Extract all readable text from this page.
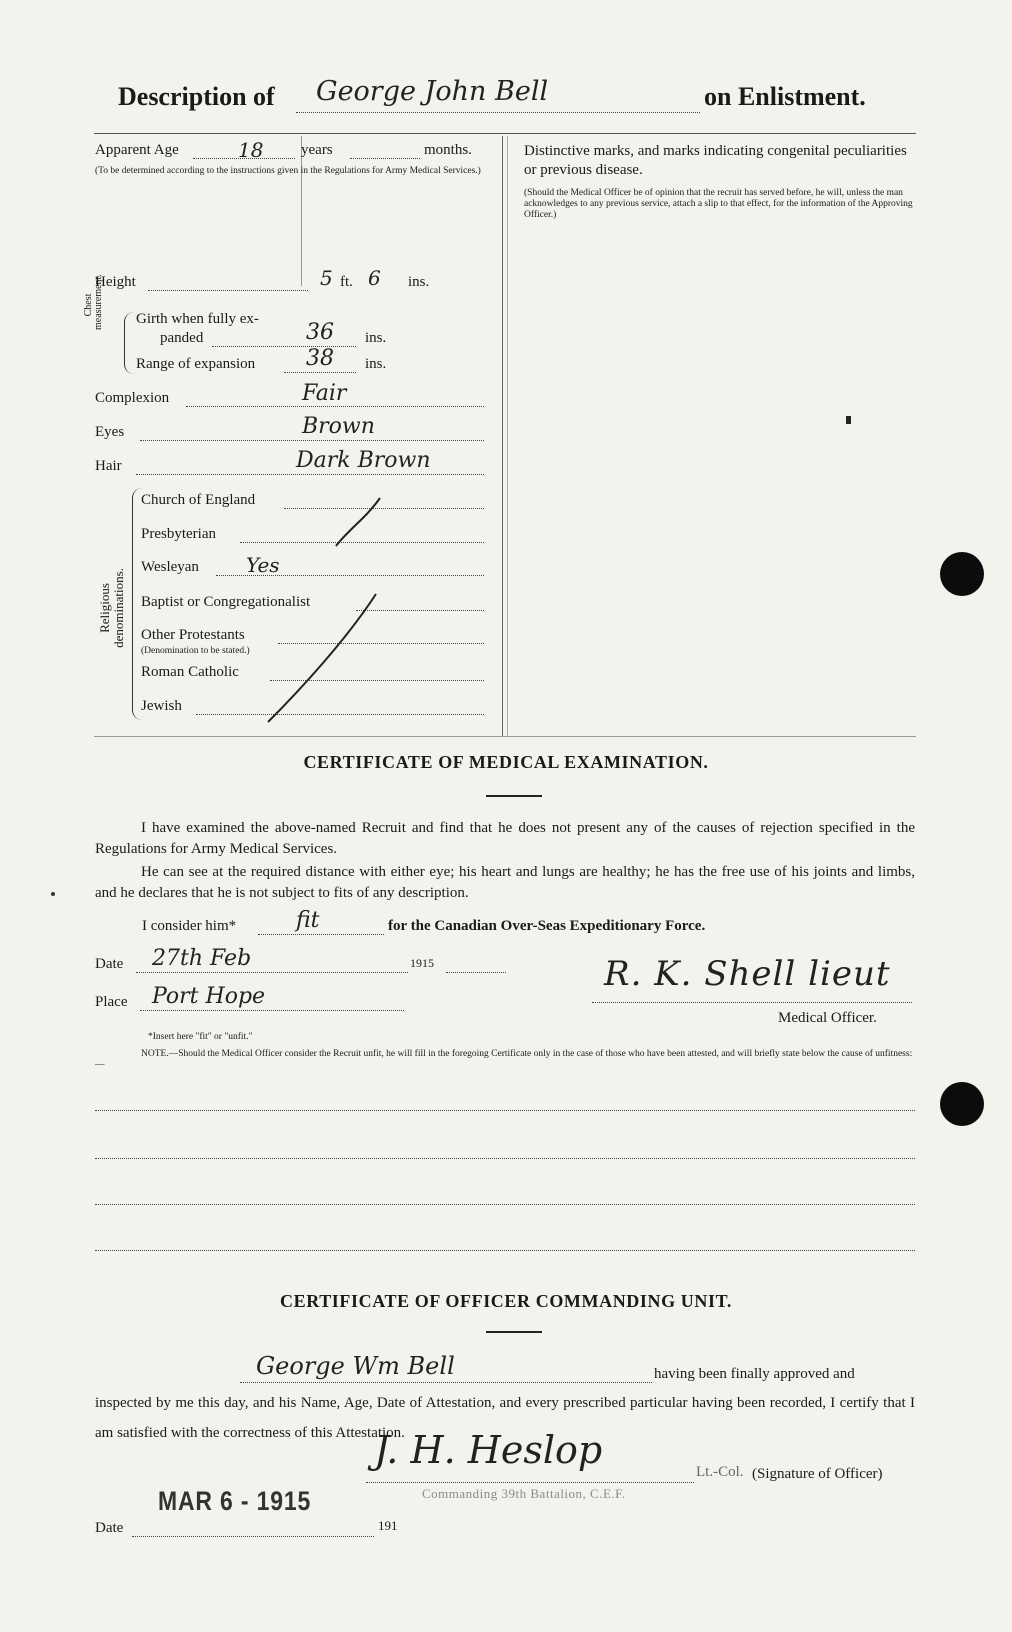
Description of George John Bell	on Enlistment.
Apparent Age	18	years	months.
(To be determined according to the instructions given in the Regulations for Army Medical Services.)
Height	5 ft. 6 ins.
Chest measurement. Girth when fully ex-
panded	36 ins.
Range of expansion 38 ins.
Complexion	Fair
Eyes	Brown
Hair	Dark Brown
Religious denominations.
Church of England
Presbyterian
Wesleyan Yes
Baptist or Congregationalist
Other Protestants
(Denomination to be stated.)
Roman Catholic
Jewish
Distinctive marks, and marks indicating congenital peculiarities or previous disease.
(Should the Medical Officer be of opinion that the recruit has served before, he will, unless the man acknowledges to any previous service, attach a slip to that effect, for the information of the Approving Officer.)
CERTIFICATE OF MEDICAL EXAMINATION.
I have examined the above-named Recruit and find that he does not present any of the causes of rejection specified in the Regulations for Army Medical Services.
He can see at the required distance with either eye; his heart and lungs are healthy; he has the free use of his joints and limbs, and he declares that he is not subject to fits of any description.
I consider him*	fit	for the Canadian Over-Seas Expeditionary Force.
Date 27th Feb	1915
Place Port Hope
R. K. Shell lieut
Medical Officer.
*Insert here "fit" or "unfit."
NOTE.—Should the Medical Officer consider the Recruit unfit, he will fill in the foregoing Certificate only in the case of those who have been attested, and will briefly state below the cause of unfitness:—
CERTIFICATE OF OFFICER COMMANDING UNIT.
George Wm Bell	having been finally approved and
inspected by me this day, and his Name, Age, Date of Attestation, and every prescribed particular having been recorded, I certify that I am satisfied with the correctness of this Attestation.
J. H. Heslop	Lt.-Col. (Signature of Officer)
Commanding 39th Battalion, C.E.F.
MAR 6 - 1915
Date	191
